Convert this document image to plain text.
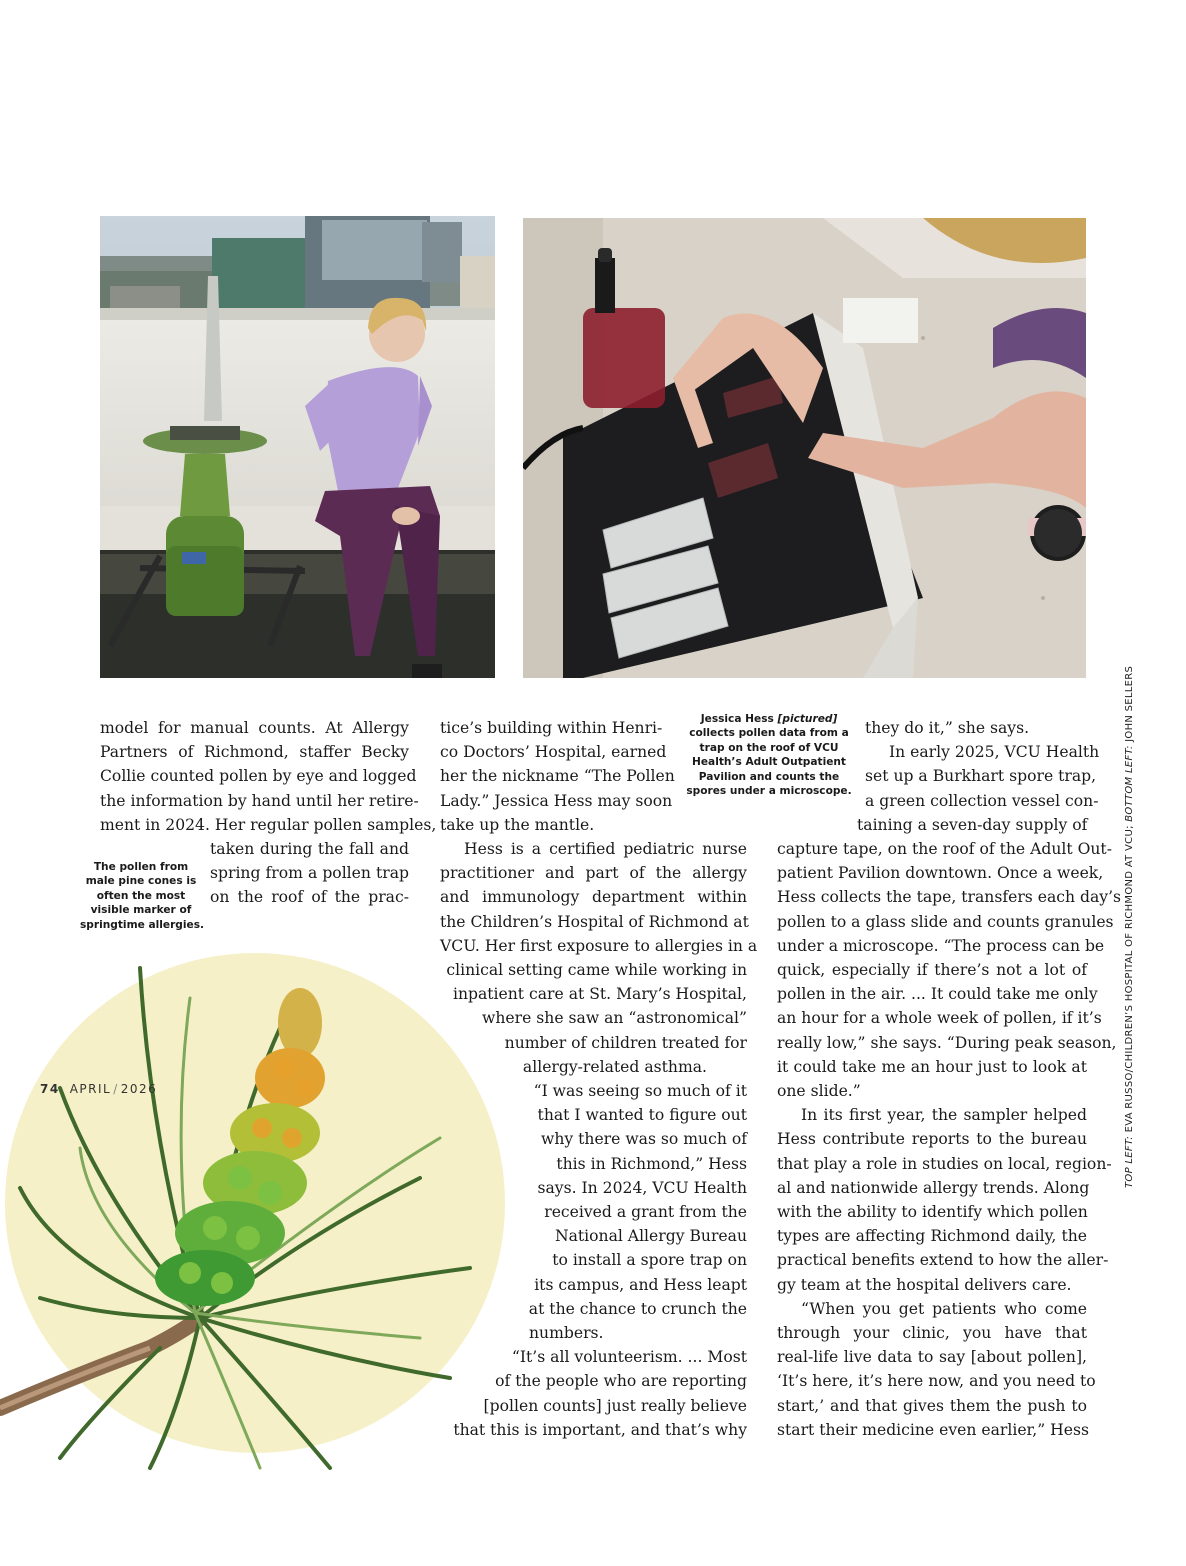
The pollen from
male pine cones is
often the most
visible marker of
springtime allergies.
Jessica Hess [pictured]
collects pollen data from a
trap on the roof of VCU
Health’s Adult Outpatient
Pavilion and counts the
spores under a microscope.
model for manual counts. At Allergy
Partners of Richmond, staffer Becky
Collie counted pollen by eye and logged
the information by hand until her retire-
ment in 2024. Her regular pollen samples,
taken during the fall and
spring from a pollen trap
on the roof of the prac-
tice’s building within Henri-
co Doctors’ Hospital, earned
her the nickname “The Pollen
Lady.” Jessica Hess may soon
take up the mantle.
Hess is a certified pediatric nurse
practitioner and part of the allergy
and immunology department within
the Children’s Hospital of Richmond at
VCU. Her first exposure to allergies in a
clinical setting came while working in
inpatient care at St. Mary’s Hospital,
where she saw an “astronomical”
number of children treated for
allergy-related asthma.
“I was seeing so much of it
that I wanted to figure out
why there was so much of
this in Richmond,” Hess
says. In 2024, VCU Health
received a grant from the
National Allergy Bureau
to install a spore trap on
its campus, and Hess leapt
at the chance to crunch the
numbers.
“It’s all volunteerism. ... Most
of the people who are reporting
[pollen counts] just really believe
that this is important, and that’s why
they do it,” she says.
In early 2025, VCU Health
set up a Burkhart spore trap,
a green collection vessel con-
taining a seven-day supply of
capture tape, on the roof of the Adult Out-
patient Pavilion downtown. Once a week,
Hess collects the tape, transfers each day’s
pollen to a glass slide and counts granules
under a microscope. “The process can be
quick, especially if there’s not a lot of
pollen in the air. ... It could take me only
an hour for a whole week of pollen, if it’s
really low,” she says. “During peak season,
it could take me an hour just to look at
one slide.”
In its first year, the sampler helped
Hess contribute reports to the bureau
that play a role in studies on local, region-
al and nationwide allergy trends. Along
with the ability to identify which pollen
types are affecting Richmond daily, the
practical benefits extend to how the aller-
gy team at the hospital delivers care.
“When you get patients who come
through your clinic, you have that
real-life live data to say [about pollen],
‘It’s here, it’s here now, and you need to
start,’ and that gives them the push to
start their medicine even earlier,” Hess
74 APRIL / 2026
TOP LEFT: EVA RUSSO/CHILDREN’S HOSPITAL OF RICHMOND AT VCU; BOTTOM LEFT: JOHN SELLERS
